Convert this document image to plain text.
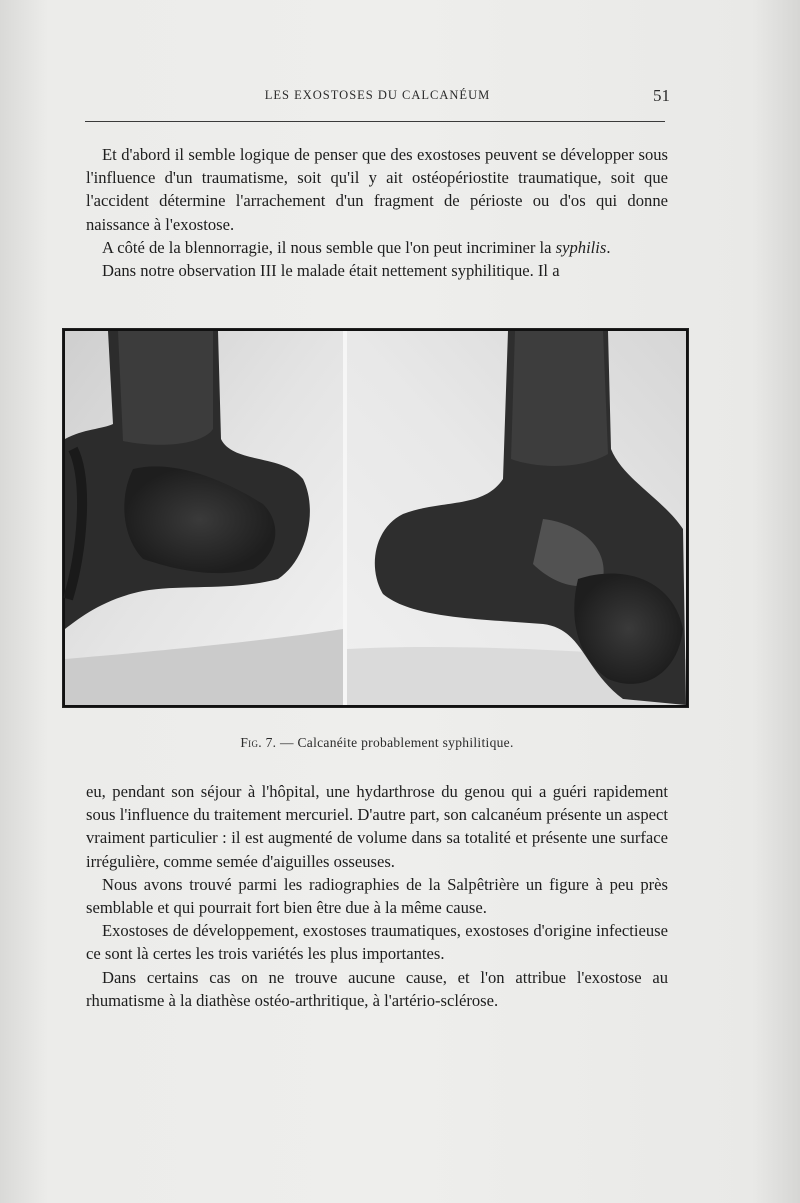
LES EXOSTOSES DU CALCANÉUM	51

Et d'abord il semble logique de penser que des exostoses peuvent se développer sous l'influence d'un traumatisme, soit qu'il y ait ostéopériostite traumatique, soit que l'accident détermine l'arrachement d'un fragment de périoste ou d'os qui donne naissance à l'exostose.

A côté de la blennorragie, il nous semble que l'on peut incriminer la syphilis.

Dans notre observation III le malade était nettement syphilitique. Il a

Fig. 7. — Calcanéite probablement syphilitique.

eu, pendant son séjour à l'hôpital, une hydarthrose du genou qui a guéri rapidement sous l'influence du traitement mercuriel. D'autre part, son calcanéum présente un aspect vraiment particulier : il est augmenté de volume dans sa totalité et présente une surface irrégulière, comme semée d'aiguilles osseuses.

Nous avons trouvé parmi les radiographies de la Salpêtrière un figure à peu près semblable et qui pourrait fort bien être due à la même cause.

Exostoses de développement, exostoses traumatiques, exostoses d'origine infectieuse ce sont là certes les trois variétés les plus importantes.

Dans certains cas on ne trouve aucune cause, et l'on attribue l'exostose au rhumatisme à la diathèse ostéo-arthritique, à l'artério-sclérose.
